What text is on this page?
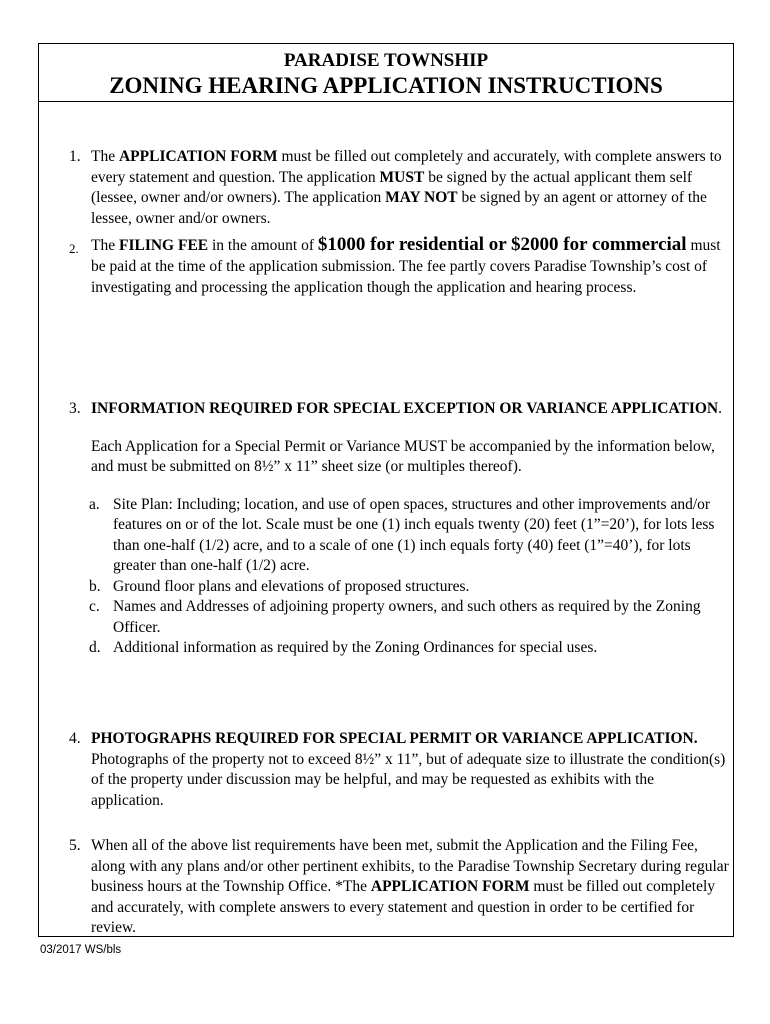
PARADISE TOWNSHIP
ZONING HEARING APPLICATION INSTRUCTIONS
1. The APPLICATION FORM must be filled out completely and accurately, with complete answers to every statement and question. The application MUST be signed by the actual applicant them self (lessee, owner and/or owners). The application MAY NOT be signed by an agent or attorney of the lessee, owner and/or owners.
2. The FILING FEE in the amount of $1000 for residential or $2000 for commercial must be paid at the time of the application submission. The fee partly covers Paradise Township’s cost of investigating and processing the application though the application and hearing process.
3. INFORMATION REQUIRED FOR SPECIAL EXCEPTION OR VARIANCE APPLICATION.
Each Application for a Special Permit or Variance MUST be accompanied by the information below, and must be submitted on 8½” x 11” sheet size (or multiples thereof).
a. Site Plan: Including; location, and use of open spaces, structures and other improvements and/or features on or of the lot. Scale must be one (1) inch equals twenty (20) feet (1”=20’), for lots less than one-half (1/2) acre, and to a scale of one (1) inch equals forty (40) feet (1”=40’), for lots greater than one-half (1/2) acre.
b. Ground floor plans and elevations of proposed structures.
c. Names and Addresses of adjoining property owners, and such others as required by the Zoning Officer.
d. Additional information as required by the Zoning Ordinances for special uses.
4. PHOTOGRAPHS REQUIRED FOR SPECIAL PERMIT OR VARIANCE APPLICATION. Photographs of the property not to exceed 8½” x 11”, but of adequate size to illustrate the condition(s) of the property under discussion may be helpful, and may be requested as exhibits with the application.
5. When all of the above list requirements have been met, submit the Application and the Filing Fee, along with any plans and/or other pertinent exhibits, to the Paradise Township Secretary during regular business hours at the Township Office. *The APPLICATION FORM must be filled out completely and accurately, with complete answers to every statement and question in order to be certified for review.
03/2017 WS/bls
